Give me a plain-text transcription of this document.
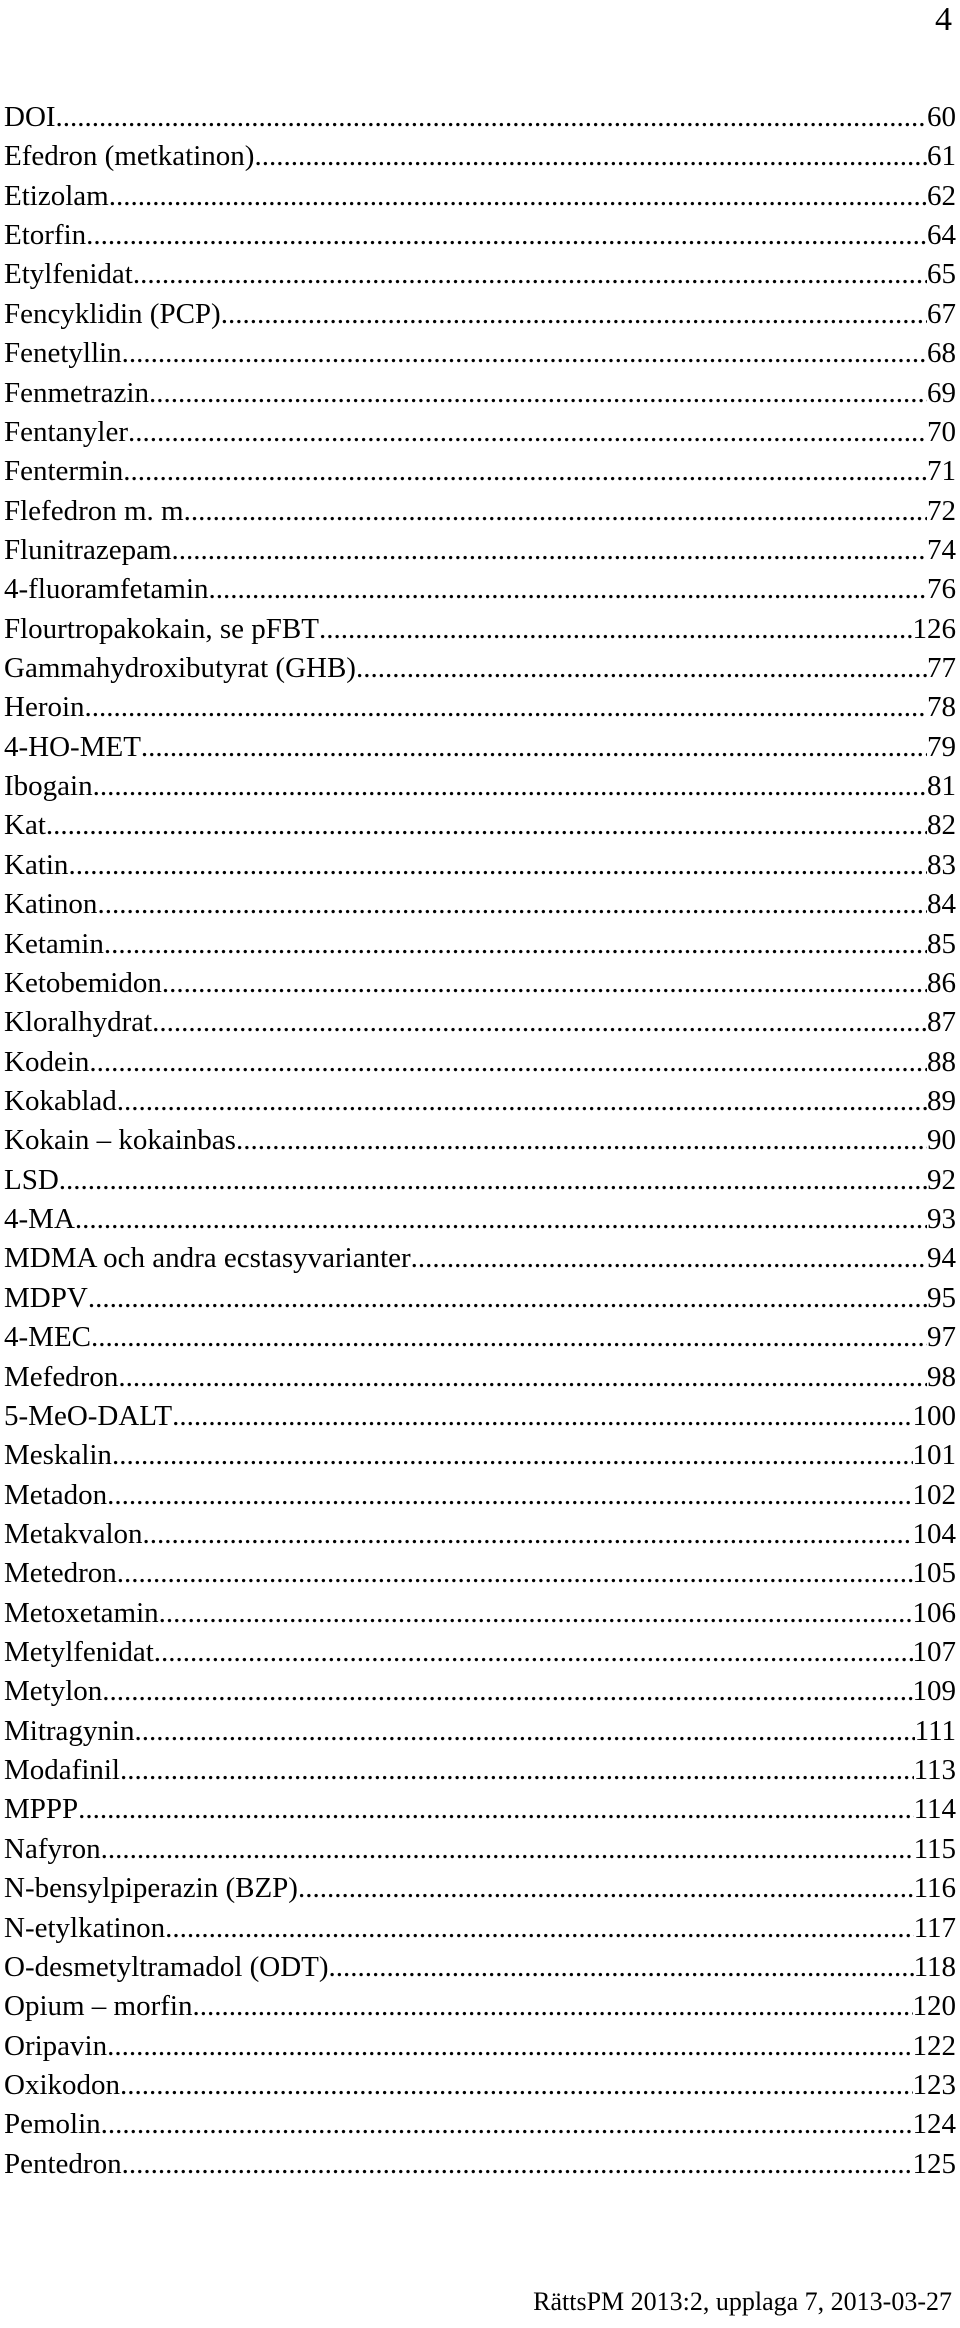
4
DOI .....	60
Efedron (metkatinon) .....	61
Etizolam .....	62
Etorfin .....	64
Etylfenidat .....	65
Fencyklidin (PCP) .....	67
Fenetyllin .....	68
Fenmetrazin .....	69
Fentanyler .....	70
Fentermin .....	71
Flefedron m. m. .....	72
Flunitrazepam .....	74
4-fluoramfetamin .....	76
Flourtropakokain, se pFBT .....	126
Gammahydroxibutyrat (GHB) .....	77
Heroin .....	78
4-HO-MET .....	79
Ibogain .....	81
Kat .....	82
Katin .....	83
Katinon .....	84
Ketamin .....	85
Ketobemidon .....	86
Kloralhydrat .....	87
Kodein .....	88
Kokablad .....	89
Kokain – kokainbas .....	90
LSD .....	92
4-MA .....	93
MDMA och andra ecstasyvarianter .....	94
MDPV .....	95
4-MEC .....	97
Mefedron .....	98
5-MeO-DALT .....	100
Meskalin .....	101
Metadon .....	102
Metakvalon .....	104
Metedron .....	105
Metoxetamin .....	106
Metylfenidat .....	107
Metylon .....	109
Mitragynin .....	111
Modafinil .....	113
MPPP .....	114
Nafyron .....	115
N-bensylpiperazin (BZP) .....	116
N-etylkatinon .....	117
O-desmetyltramadol (ODT) .....	118
Opium – morfin .....	120
Oripavin .....	122
Oxikodon .....	123
Pemolin .....	124
Pentedron .....	125
RättsPM 2013:2, upplaga 7, 2013-03-27
